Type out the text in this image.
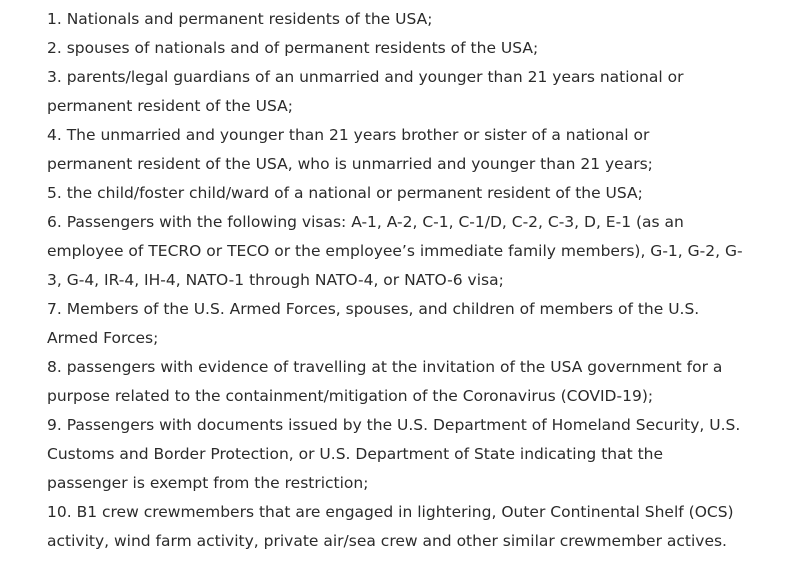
1. Nationals and permanent residents of the USA;
2. spouses of nationals and of permanent residents of the USA;
3. parents/legal guardians of an unmarried and younger than 21 years national or
permanent resident of the USA;
4. The unmarried and younger than 21 years brother or sister of a national or
permanent resident of the USA, who is unmarried and younger than 21 years;
5. the child/foster child/ward of a national or permanent resident of the USA;
6. Passengers with the following visas: A-1, A-2, C-1, C-1/D, C-2, C-3, D, E-1 (as an
employee of TECRO or TECO or the employee’s immediate family members), G-1, G-2, G-
3, G-4, IR-4, IH-4, NATO-1 through NATO-4, or NATO-6 visa;
7. Members of the U.S. Armed Forces, spouses, and children of members of the U.S.
Armed Forces;
8. passengers with evidence of travelling at the invitation of the USA government for a
purpose related to the containment/mitigation of the Coronavirus (COVID-19);
9. Passengers with documents issued by the U.S. Department of Homeland Security, U.S.
Customs and Border Protection, or U.S. Department of State indicating that the
passenger is exempt from the restriction;
10. B1 crew crewmembers that are engaged in lightering, Outer Continental Shelf (OCS)
activity, wind farm activity, private air/sea crew and other similar crewmember actives.
